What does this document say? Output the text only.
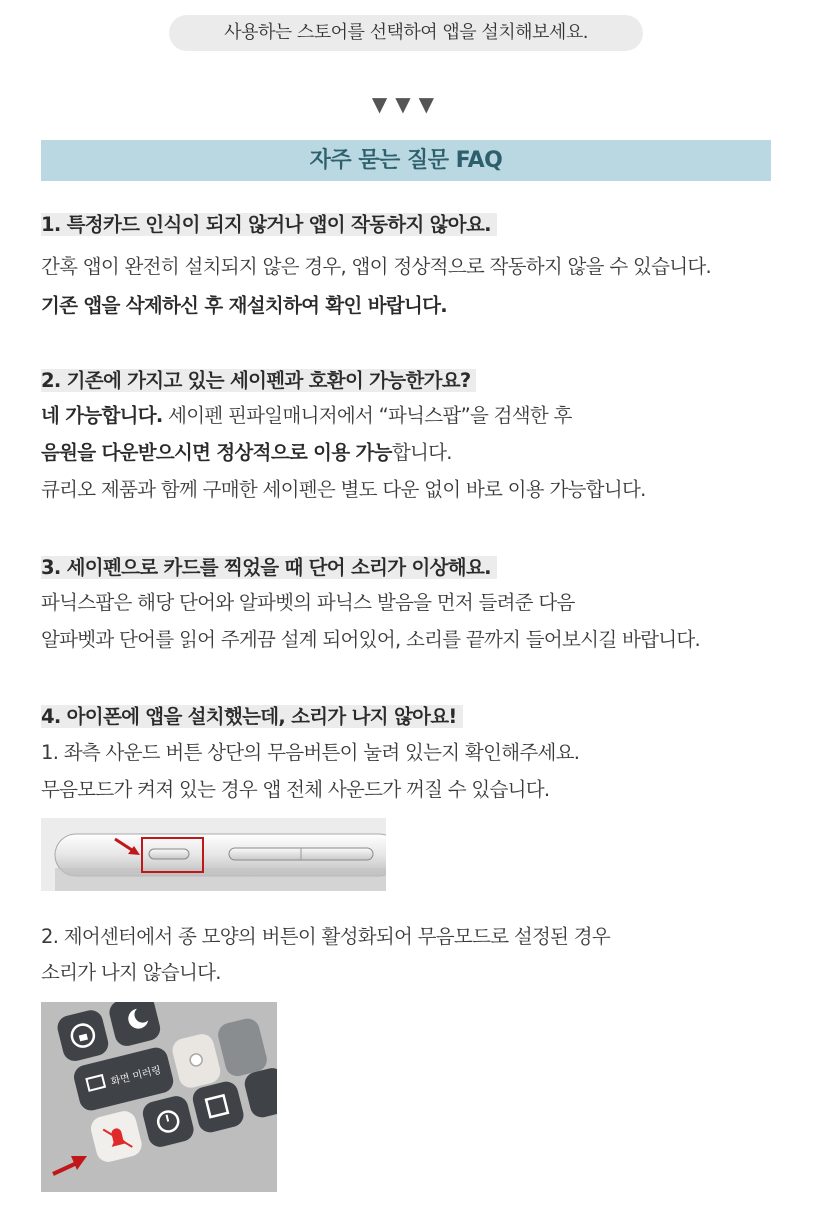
사용하는 스토어를 선택하여 앱을 설치해보세요.
▼▼▼
자주 묻는 질문 FAQ
1. 특정카드 인식이 되지 않거나 앱이 작동하지 않아요.
간혹 앱이 완전히 설치되지 않은 경우, 앱이 정상적으로 작동하지 않을 수 있습니다.
기존 앱을 삭제하신 후 재설치하여 확인 바랍니다.
2. 기존에 가지고 있는 세이펜과 호환이 가능한가요?
네 가능합니다. 세이펜 핀파일매니저에서 “파닉스팝”을 검색한 후
음원을 다운받으시면 정상적으로 이용 가능합니다.
큐리오 제품과 함께 구매한 세이펜은 별도 다운 없이 바로 이용 가능합니다.
3. 세이펜으로 카드를 찍었을 때 단어 소리가 이상해요.
파닉스팝은 해당 단어와 알파벳의 파닉스 발음을 먼저 들려준 다음
알파벳과 단어를 읽어 주게끔 설계 되어있어, 소리를 끝까지 들어보시길 바랍니다.
4. 아이폰에 앱을 설치했는데, 소리가 나지 않아요!
1. 좌측 사운드 버튼 상단의 무음버튼이 눌려 있는지 확인해주세요.
무음모드가 켜져 있는 경우 앱 전체 사운드가 꺼질 수 있습니다.
2. 제어센터에서 종 모양의 버튼이 활성화되어 무음모드로 설정된 경우
소리가 나지 않습니다.
화면 미러링
